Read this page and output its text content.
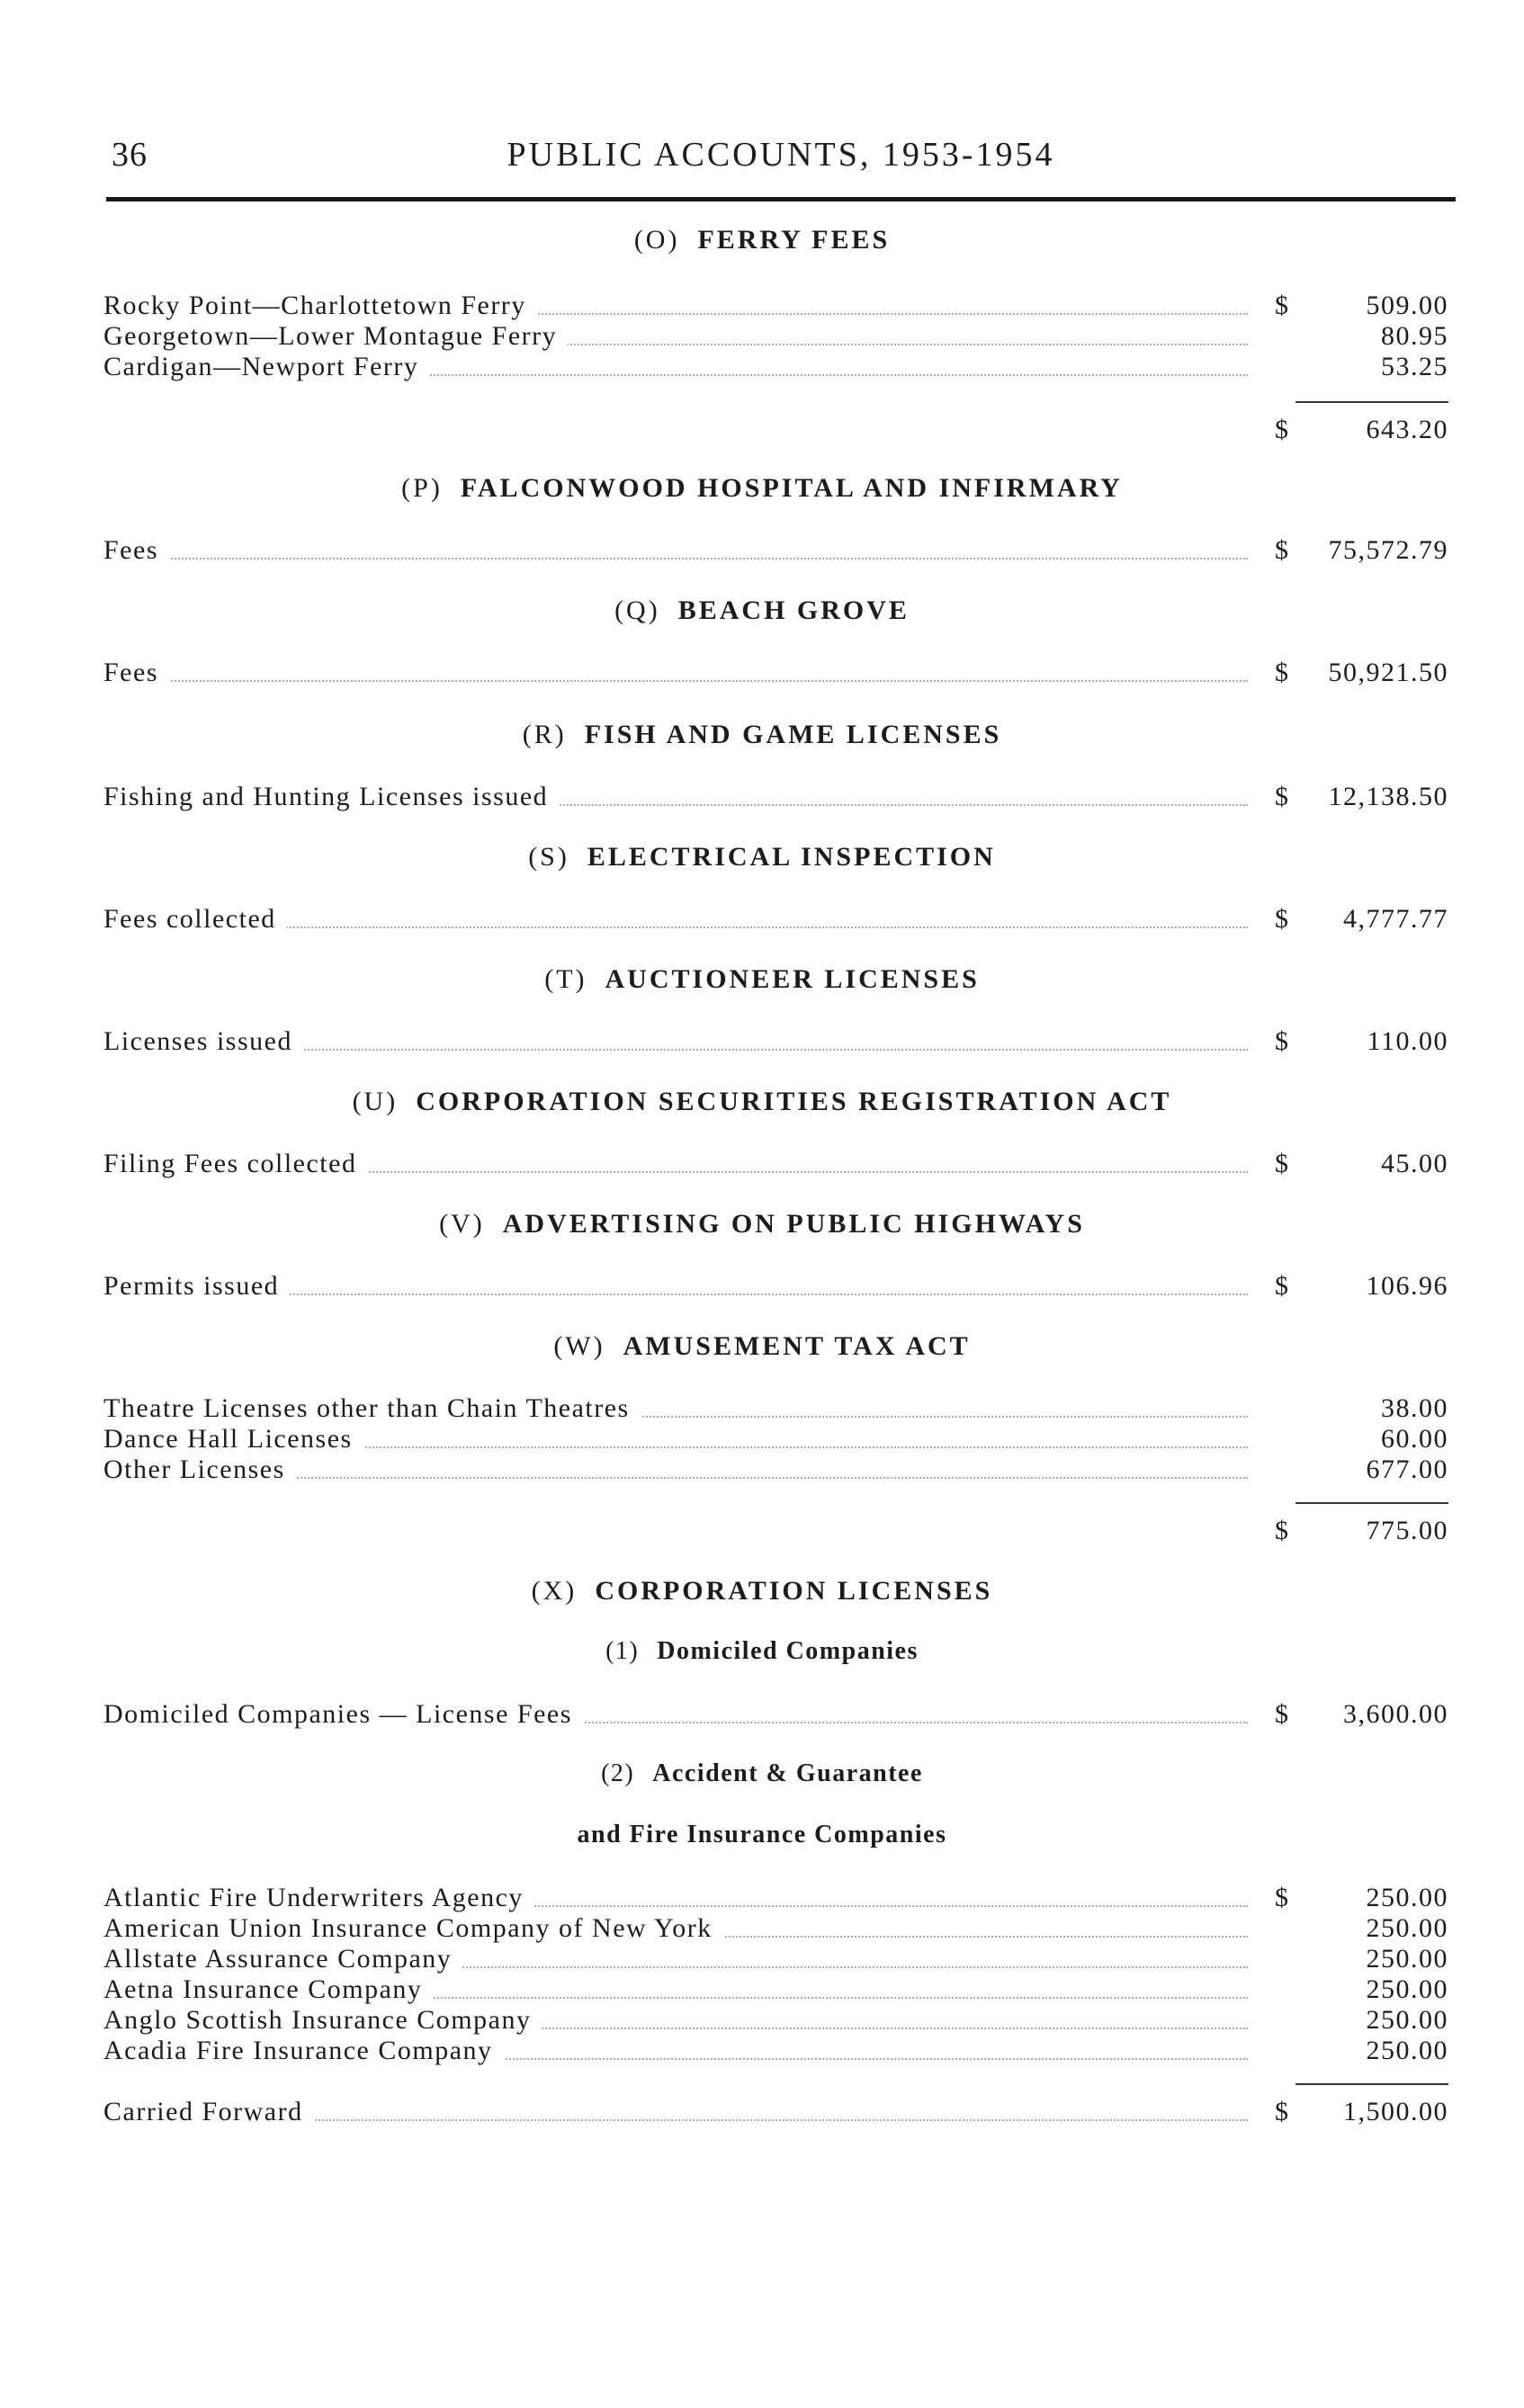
36	PUBLIC ACCOUNTS, 1953-1954
(O) FERRY FEES
Rocky Point—Charlottetown Ferry	$	509.00
Georgetown—Lower Montague Ferry	80.95
Cardigan—Newport Ferry	53.25
$	643.20
(P) FALCONWOOD HOSPITAL AND INFIRMARY
Fees	$ 75,572.79
(Q) BEACH GROVE
Fees	$ 50,921.50
(R) FISH AND GAME LICENSES
Fishing and Hunting Licenses issued	$ 12,138.50
(S) ELECTRICAL INSPECTION
Fees collected	$ 4,777.77
(T) AUCTIONEER LICENSES
Licenses issued	$	110.00
(U) CORPORATION SECURITIES REGISTRATION ACT
Filing Fees collected	$	45.00
(V) ADVERTISING ON PUBLIC HIGHWAYS
Permits issued	$	106.96
(W) AMUSEMENT TAX ACT
Theatre Licenses other than Chain Theatres	38.00
Dance Hall Licenses	60.00
Other Licenses	677.00
$	775.00
(X) CORPORATION LICENSES
(1) Domiciled Companies
Domiciled Companies — License Fees	$ 3,600.00
(2) Accident & Guarantee
and Fire Insurance Companies
Atlantic Fire Underwriters Agency	$	250.00
American Union Insurance Company of New York	250.00
Allstate Assurance Company	250.00
Aetna Insurance Company	250.00
Anglo Scottish Insurance Company	250.00
Acadia Fire Insurance Company	250.00
Carried Forward	$ 1,500.00
